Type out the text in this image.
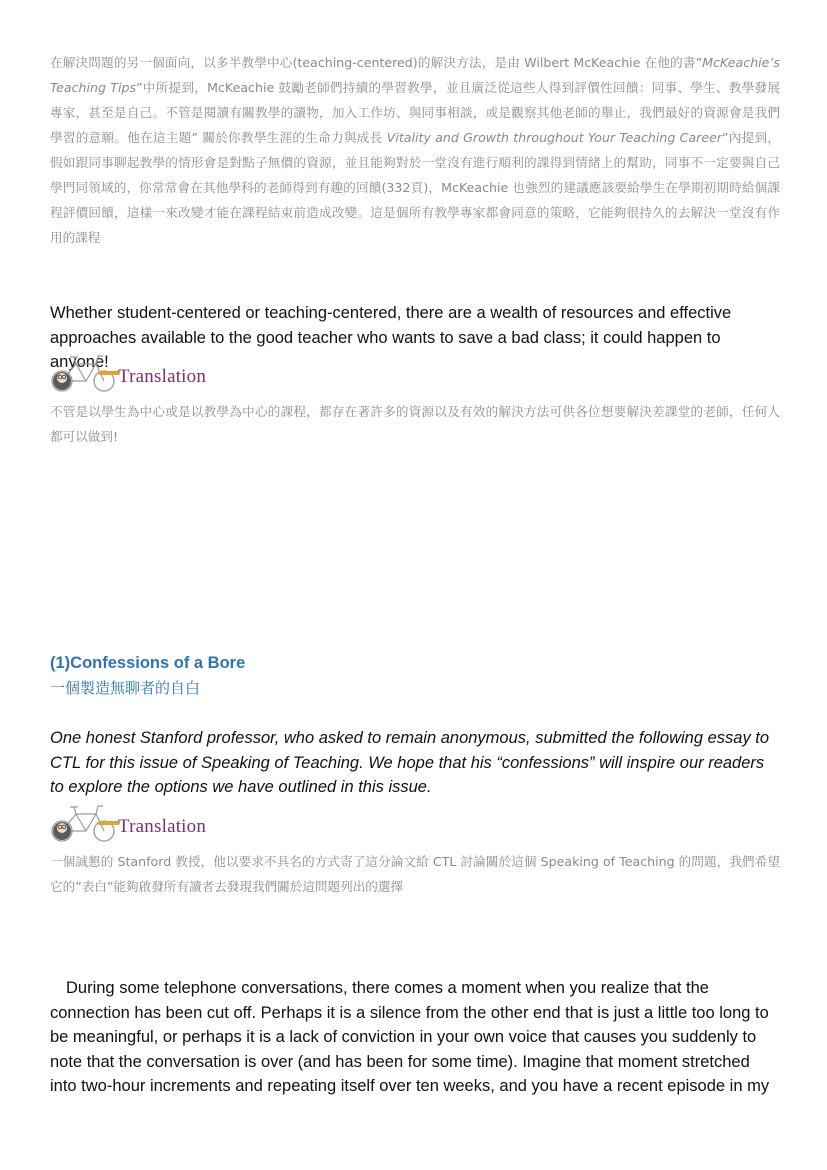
在解決問題的另一個面向，以多半教學中心(teaching-centered)的解決方法，是由 Wilbert McKeachie 在他的書”McKeachie’s Teaching Tips”中所提到，McKeachie 鼓勵老師們持續的學習教學，並且廣泛從這些人得到評價性回饋：同事、學生、教學發展專家，甚至是自己。不管是閱讀有關教學的讀物，加入工作坊、與同事相談，或是觀察其他老師的舉止，我們最好的資源會是我們學習的意願。他在這主題” 關於你教學生涯的生命力與成長 Vitality and Growth throughout Your Teaching Career”內提到，假如跟同事聊起教學的情形會是對點子無價的資源，並且能夠對於一堂沒有進行順利的課得到情緒上的幫助，同事不一定要與自己學門同領域的，你常常會在其他學科的老師得到有趣的回饋(332頁)，McKeachie 也強烈的建議應該要給學生在學期初期時給個課程評價回饋，這樣一來改變才能在課程結束前造成改變。這是個所有教學專家都會同意的策略，它能夠很持久的去解決一堂沒有作用的課程

Whether student-centered or teaching-centered, there are a wealth of resources and effective approaches available to the good teacher who wants to save a bad class; it could happen to anyone!

Translation

不管是以學生為中心或是以教學為中心的課程，都存在著許多的資源以及有效的解決方法可供各位想要解決差課堂的老師，任何人都可以做到!

(1)Confessions of a Bore

一個製造無聊者的自白

One honest Stanford professor, who asked to remain anonymous, submitted the following essay to CTL for this issue of Speaking of Teaching. We hope that his “confessions” will inspire our readers to explore the options we have outlined in this issue.

Translation

一個誠懇的 Stanford 教授，他以要求不具名的方式寄了這分論文給 CTL 討論關於這個 Speaking of Teaching 的問題，我們希望它的”表白”能夠啟發所有讀者去發現我們關於這問題列出的選擇

During some telephone conversations, there comes a moment when you realize that the connection has been cut off. Perhaps it is a silence from the other end that is just a little too long to be meaningful, or perhaps it is a lack of conviction in your own voice that causes you suddenly to note that the conversation is over (and has been for some time). Imagine that moment stretched into two-hour increments and repeating itself over ten weeks, and you have a recent episode in my
